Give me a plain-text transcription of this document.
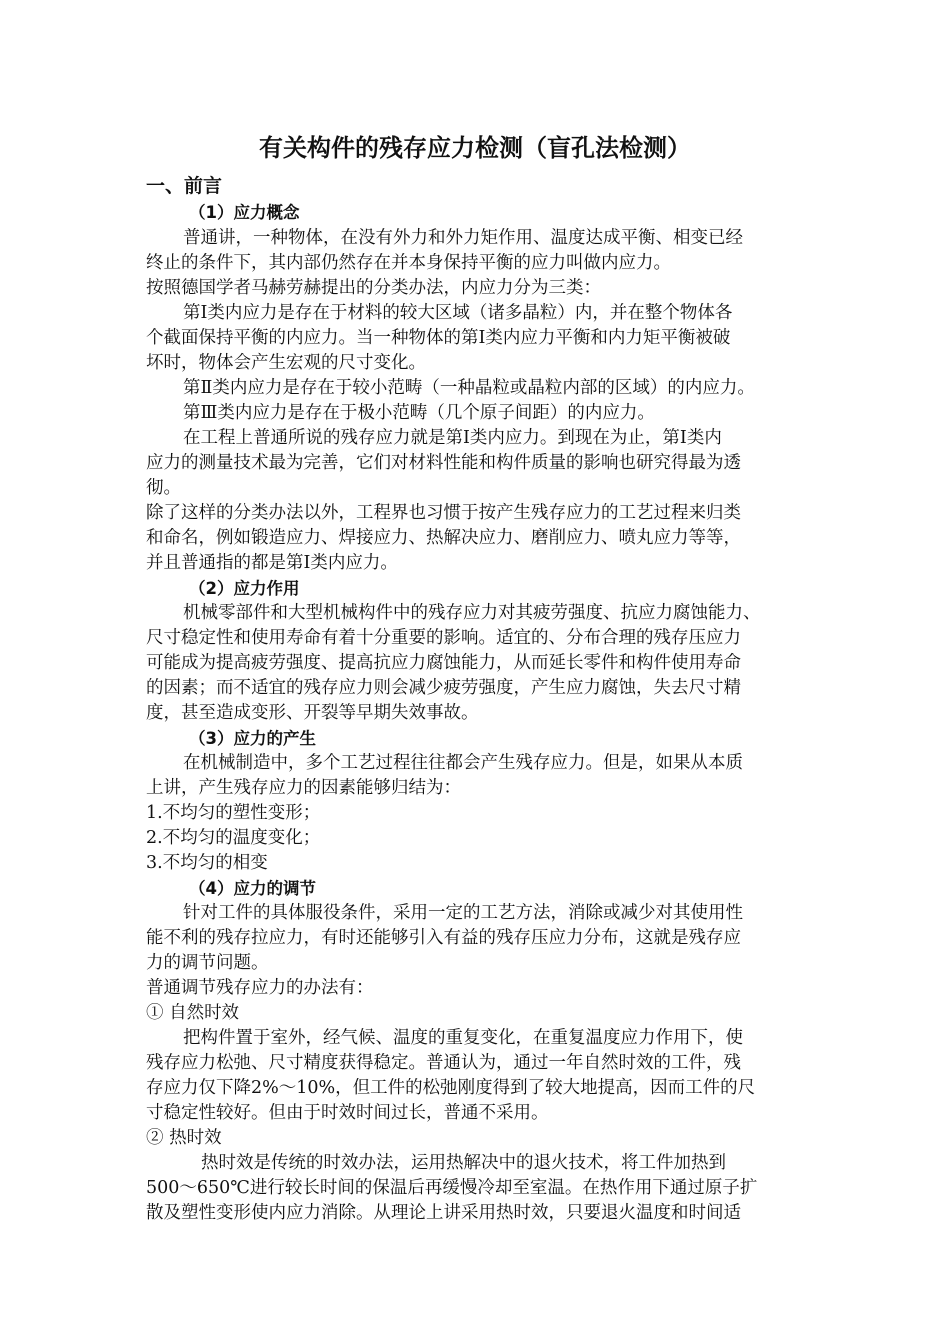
有关构件的残存应力检测（盲孔法检测）
一、前言
（1）应力概念
普通讲，一种物体，在没有外力和外力矩作用、温度达成平衡、相变已经
终止的条件下，其内部仍然存在并本身保持平衡的应力叫做内应力。
按照德国学者马赫劳赫提出的分类办法，内应力分为三类：
第Ⅰ类内应力是存在于材料的较大区域（诸多晶粒）内，并在整个物体各
个截面保持平衡的内应力。当一种物体的第Ⅰ类内应力平衡和内力矩平衡被破
坏时，物体会产生宏观的尺寸变化。
第Ⅱ类内应力是存在于较小范畴（一种晶粒或晶粒内部的区域）的内应力。
第Ⅲ类内应力是存在于极小范畴（几个原子间距）的内应力。
在工程上普通所说的残存应力就是第Ⅰ类内应力。到现在为止，第Ⅰ类内
应力的测量技术最为完善，它们对材料性能和构件质量的影响也研究得最为透
彻。
除了这样的分类办法以外，工程界也习惯于按产生残存应力的工艺过程来归类
和命名，例如锻造应力、焊接应力、热解决应力、磨削应力、喷丸应力等等，
并且普通指的都是第Ⅰ类内应力。
（2）应力作用
机械零部件和大型机械构件中的残存应力对其疲劳强度、抗应力腐蚀能力、
尺寸稳定性和使用寿命有着十分重要的影响。适宜的、分布合理的残存压应力
可能成为提高疲劳强度、提高抗应力腐蚀能力，从而延长零件和构件使用寿命
的因素；而不适宜的残存应力则会减少疲劳强度，产生应力腐蚀，失去尺寸精
度，甚至造成变形、开裂等早期失效事故。
（3）应力的产生
在机械制造中，多个工艺过程往往都会产生残存应力。但是，如果从本质
上讲，产生残存应力的因素能够归结为：
1.不均匀的塑性变形；
2.不均匀的温度变化；
3.不均匀的相变
（4）应力的调节
针对工件的具体服役条件，采用一定的工艺方法，消除或减少对其使用性
能不利的残存拉应力，有时还能够引入有益的残存压应力分布，这就是残存应
力的调节问题。
普通调节残存应力的办法有：
① 自然时效
把构件置于室外，经气候、温度的重复变化，在重复温度应力作用下，使
残存应力松弛、尺寸精度获得稳定。普通认为，通过一年自然时效的工件，残
存应力仅下降2%～10%，但工件的松弛刚度得到了较大地提高，因而工件的尺
寸稳定性较好。但由于时效时间过长，普通不采用。
② 热时效
热时效是传统的时效办法，运用热解决中的退火技术，将工件加热到
500～650℃进行较长时间的保温后再缓慢冷却至室温。在热作用下通过原子扩
散及塑性变形使内应力消除。从理论上讲采用热时效，只要退火温度和时间适
